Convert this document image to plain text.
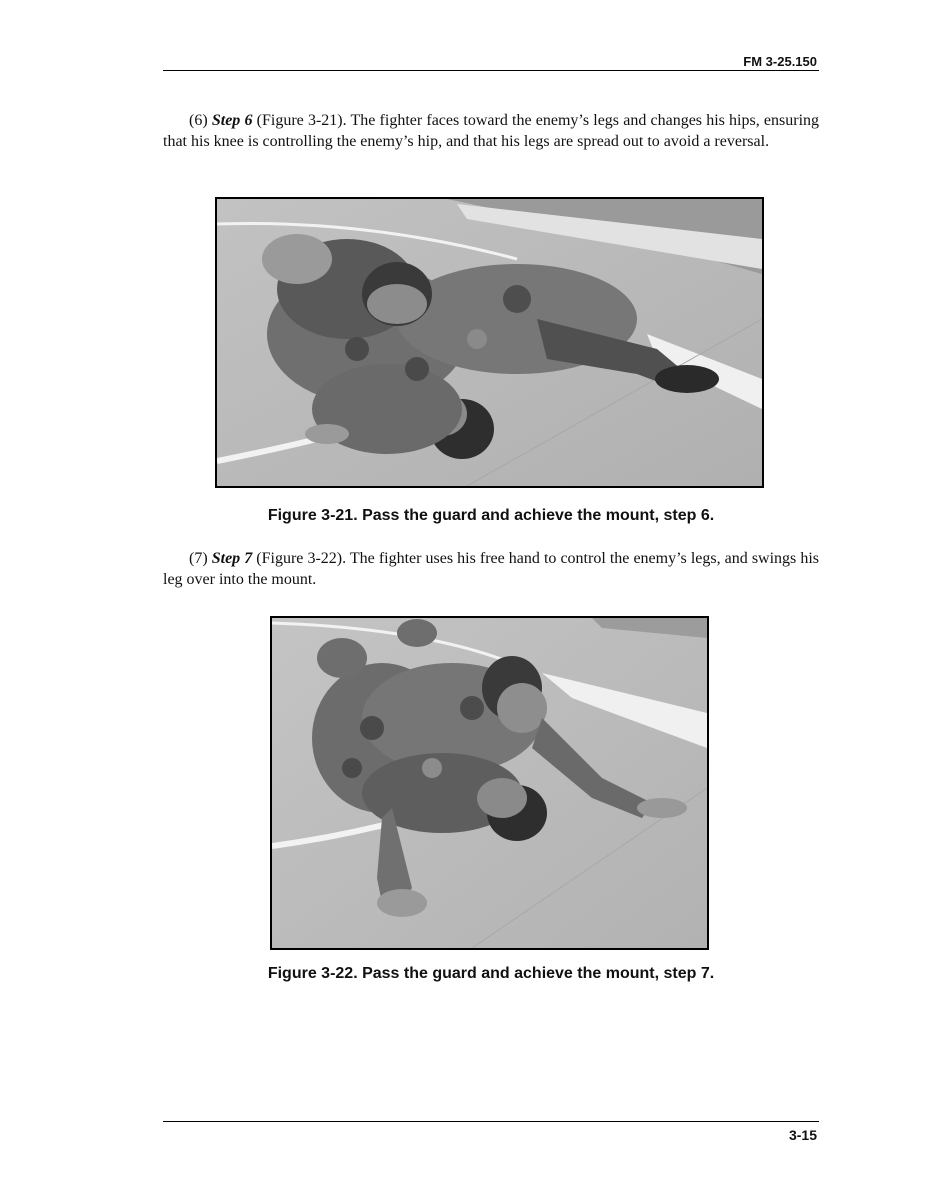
FM 3-25.150
(6) Step 6 (Figure 3-21). The fighter faces toward the enemy’s legs and changes his hips, ensuring that his knee is controlling the enemy’s hip, and that his legs are spread out to avoid a reversal.
Figure 3-21. Pass the guard and achieve the mount, step 6.
(7) Step 7 (Figure 3-22). The fighter uses his free hand to control the enemy’s legs, and swings his leg over into the mount.
Figure 3-22. Pass the guard and achieve the mount, step 7.
3-15
